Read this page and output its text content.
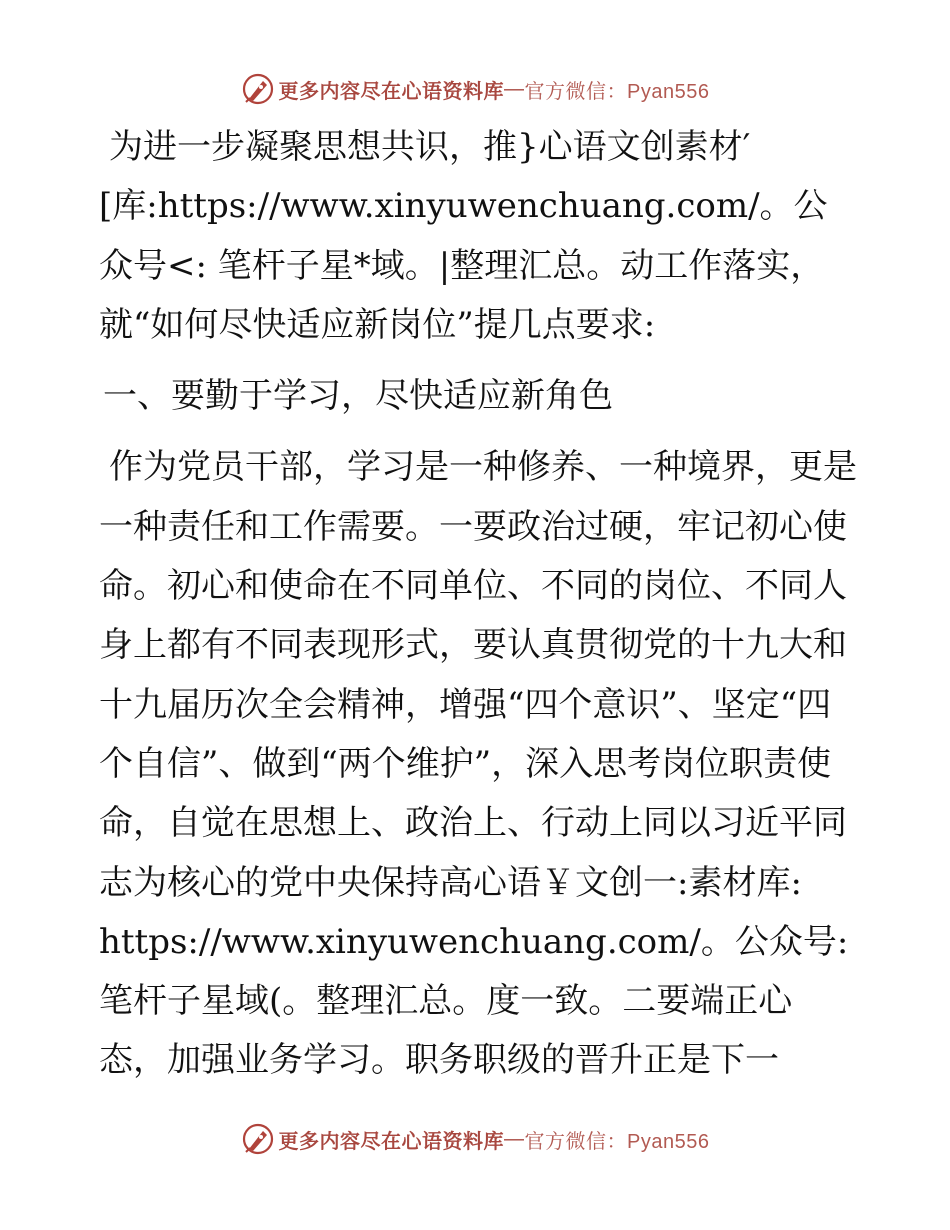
更多内容尽在心语资料库 — 官方微信：Pyan556

为进一步凝聚思想共识，推}心语文创素材′[库:https://www.xinyuwenchuang.com/。公众号<: 笔杆子星*域。|整理汇总。动工作落实，就“如何尽快适应新岗位”提几点要求:

一、要勤于学习，尽快适应新角色

作为党员干部，学习是一种修养、一种境界，更是一种责任和工作需要。一要政治过硬，牢记初心使命。初心和使命在不同单位、不同的岗位、不同人身上都有不同表现形式，要认真贯彻党的十九大和十九届历次全会精神，增强“四个意识”、坚定“四个自信”、做到“两个维护”，深入思考岗位职责使命，自觉在思想上、政治上、行动上同以习近平同志为核心的党中央保持高心语￥文创一:素材库: https://www.xinyuwenchuang.com/。公众号: 笔杆子星域(。整理汇总。度一致。二要端正心态，加强业务学习。职务职级的晋升正是下一

更多内容尽在心语资料库 — 官方微信：Pyan556
